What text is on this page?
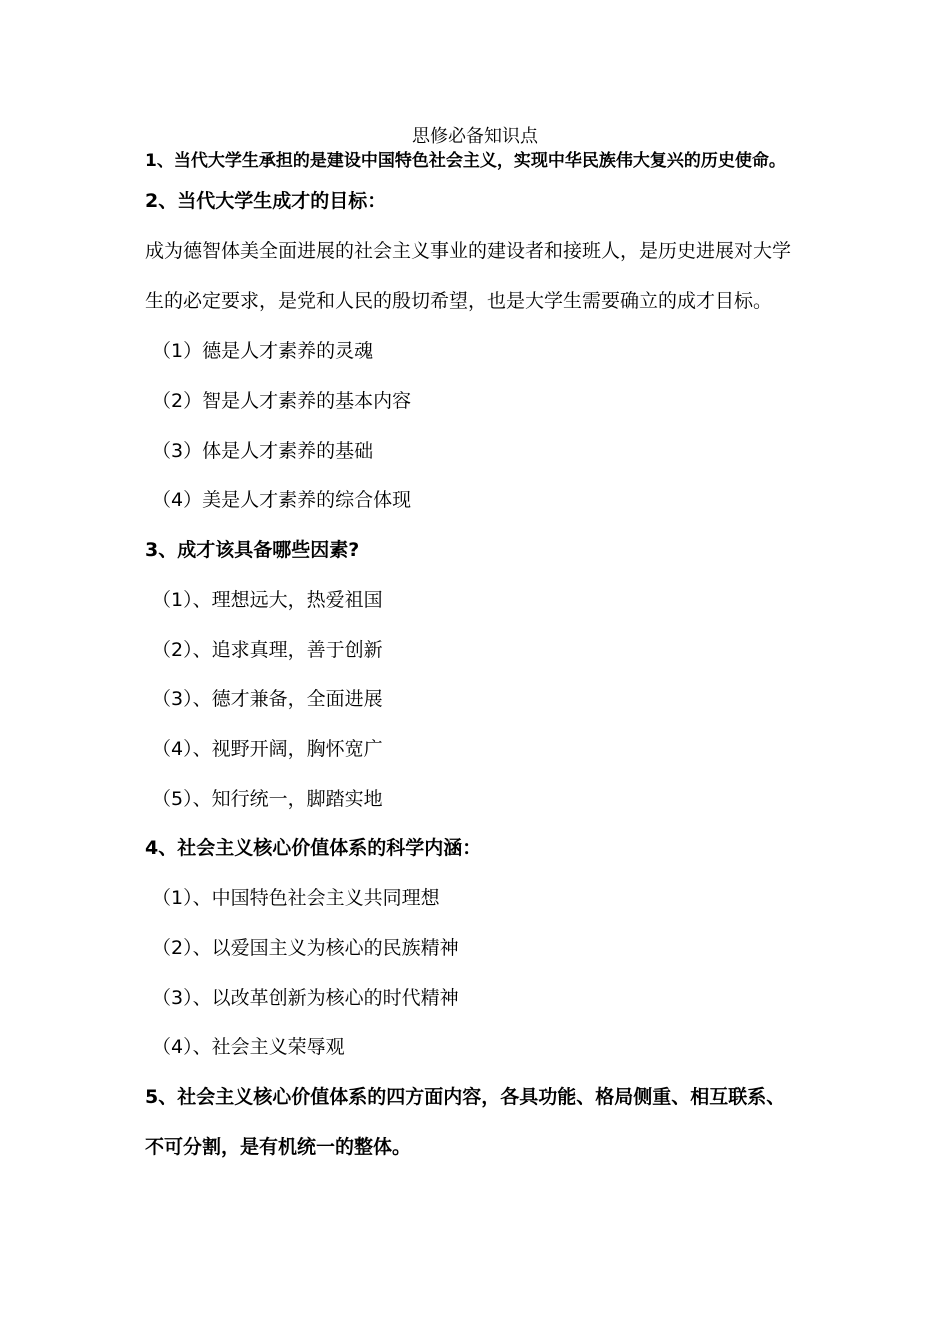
思修必备知识点
1、当代大学生承担的是建设中国特色社会主义，实现中华民族伟大复兴的历史使命。
2、当代大学生成才的目标：
成为德智体美全面进展的社会主义事业的建设者和接班人，是历史进展对大学
生的必定要求，是党和人民的殷切希望，也是大学生需要确立的成才目标。
（1）德是人才素养的灵魂
（2）智是人才素养的基本内容
（3）体是人才素养的基础
（4）美是人才素养的综合体现
3、成才该具备哪些因素?
（1）、理想远大，热爱祖国
（2）、追求真理，善于创新
（3）、德才兼备，全面进展
（4）、视野开阔，胸怀宽广
（5）、知行统一，脚踏实地
4、社会主义核心价值体系的科学内涵：
（1）、中国特色社会主义共同理想
（2）、以爱国主义为核心的民族精神
（3）、以改革创新为核心的时代精神
（4）、社会主义荣辱观
5、社会主义核心价值体系的四方面内容，各具功能、格局侧重、相互联系、
不可分割，是有机统一的整体。
